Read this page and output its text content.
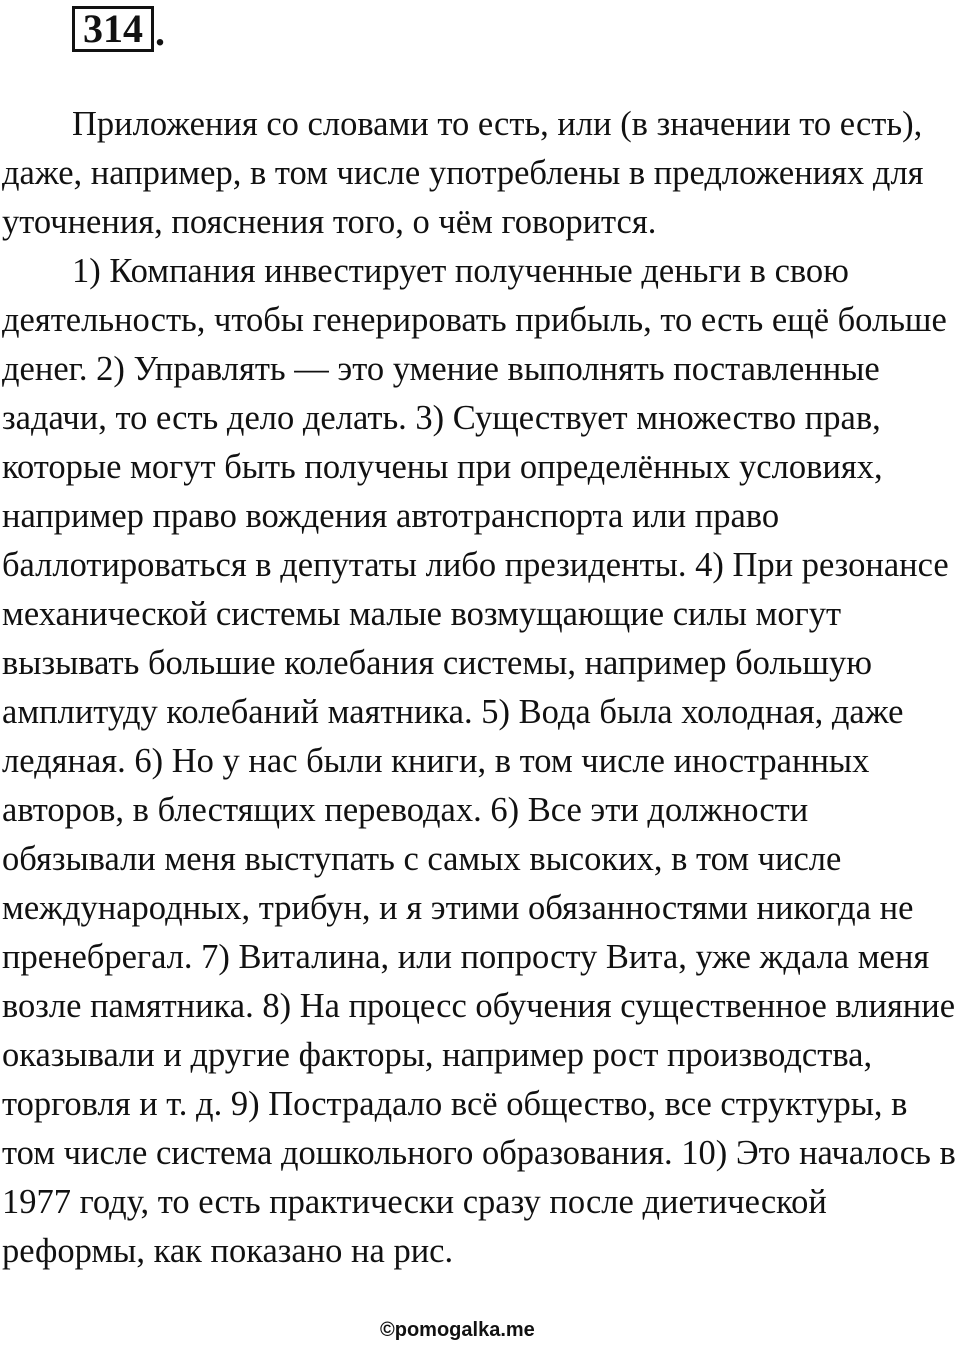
314 .

Приложения со словами то есть, или (в значении то есть), даже, например, в том числе употреблены в предложениях для уточнения, пояснения того, о чём говорится.

1) Компания инвестирует полученные деньги в свою деятельность, чтобы генерировать прибыль, то есть ещё больше денег. 2) Управлять — это умение выполнять поставленные задачи, то есть дело делать. 3) Существует множество прав, которые могут быть получены при определённых условиях, например право вождения автотранспорта или право баллотироваться в депутаты либо президенты. 4) При резонансе механической системы малые возмущающие силы могут вызывать большие колебания системы, например большую амплитуду колебаний маятника. 5) Вода была холодная, даже ледяная. 6) Но у нас были книги, в том числе иностранных авторов, в блестящих переводах. 6) Все эти должности обязывали меня выступать с самых высоких, в том числе международных, трибун, и я этими обязанностями никогда не пренебрегал. 7) Виталина, или попросту Вита, уже ждала меня возле памятника. 8) На процесс обучения существенное влияние оказывали и другие факторы, например рост производства, торговля и т. д. 9) Пострадало всё общество, все структуры, в том числе система дошкольного образования. 10) Это началось в 1977 году, то есть практически сразу после диетической реформы, как показано на рис.

©pomogalka.me
